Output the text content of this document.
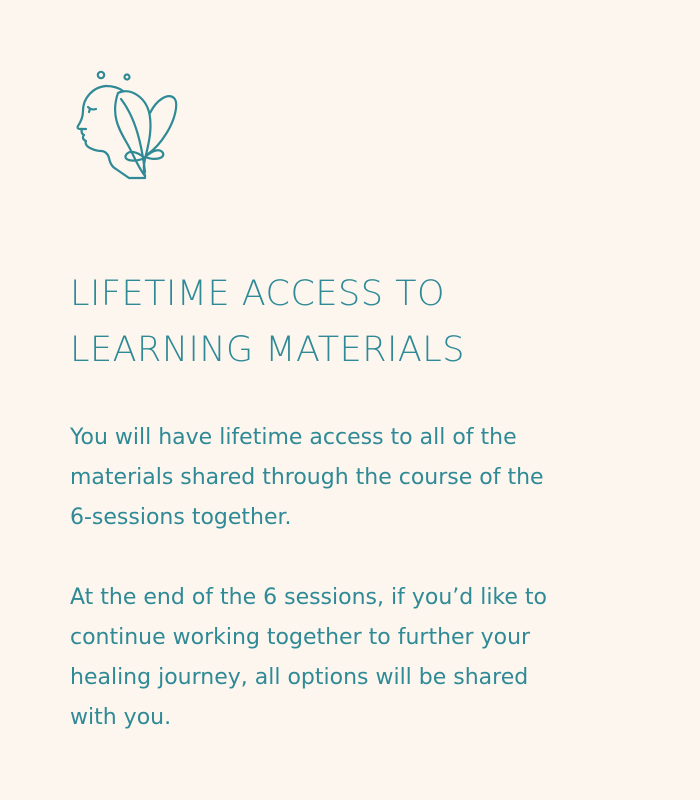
LIFETIME ACCESS TO
LEARNING MATERIALS

You will have lifetime access to all of the
materials shared through the course of the
6-sessions together.

At the end of the 6 sessions, if you’d like to
continue working together to further your
healing journey, all options will be shared
with you.
